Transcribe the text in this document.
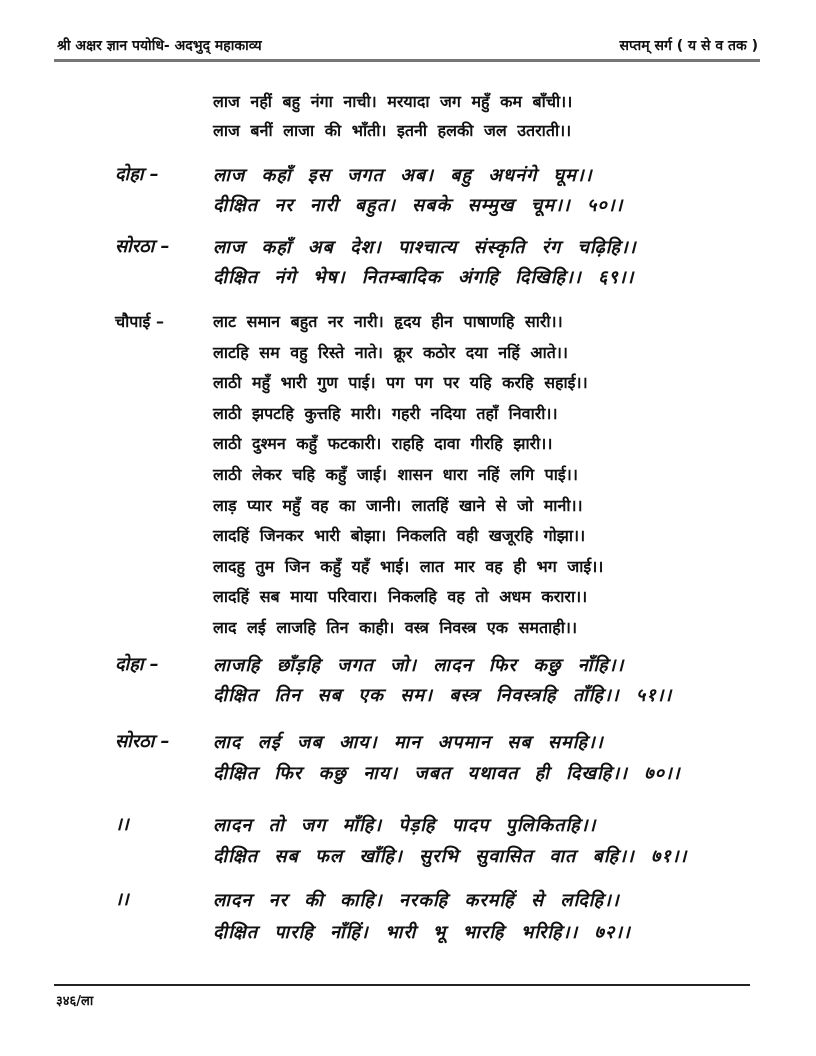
श्री अक्षर ज्ञान पयोधि- अदभुद् महाकाव्य	सप्तम् सर्ग ( य से व तक )
लाज नहीं बहु नंगा नाची। मरयादा जग महुँ कम बाँची।।
लाज बनीं लाजा की भाँती। इतनी हलकी जल उतराती।।
दोहा –	लाज कहाँ इस जगत अब। बहु अधनंगे घूम।।
दीक्षित नर नारी बहुत। सबके सम्मुख चूम।। ५०।।
सोरठा – लाज कहाँ अब देश। पाश्चात्य संस्कृति रंग चढ़िहि।।
दीक्षित नंगे भेष। नितम्बादिक अंगहि दिखिहि।। ६९।।
चौपाई –	लाट समान बहुत नर नारी। हृदय हीन पाषाणहि सारी।।
लाटहि सम वहु रिस्ते नाते। क्रूर कठोर दया नहिं आते।।
लाठी महुँ भारी गुण पाई। पग पग पर यहि करहि सहाई।।
लाठी झपटहि कुत्तहि मारी। गहरी नदिया तहाँ निवारी।।
लाठी दुश्मन कहुँ फटकारी। राहहि दावा गीरहि झारी।।
लाठी लेकर चहि कहुँ जाई। शासन धारा नहिं लगि पाई।।
लाड़ प्यार महुँ वह का जानी। लातहिं खाने से जो मानी।।
लादहिं जिनकर भारी बोझा। निकलति वही खजूरहि गोझा।।
लादहु तुम जिन कहुँ यहँ भाई। लात मार वह ही भग जाई।।
लादहिं सब माया परिवारा। निकलहि वह तो अधम करारा।।
लाद लई लाजहि तिन काही। वस्त्र निवस्त्र एक समताही।।
दोहा –	लाजहि छाँड़हि जगत जो। लादन फिर कछु नाँहि।।
दीक्षित तिन सब एक सम। बस्त्र निवस्त्रहि ताँहि।। ५१।।
सोरठा – लाद लई जब आय। मान अपमान सब समहि।।
दीक्षित फिर कछु नाय। जबत यथावत ही दिखहि।। ७०।।
।।	लादन तो जग माँहि। पेड़हि पादप पुलिकितहि।।
दीक्षित सब फल खाँहि। सुरभि सुवासित वात बहि।। ७१।।
।।	लादन नर की काहि। नरकहि करमहिं से लदिहि।।
दीक्षित पारहि नाँहिं। भारी भू भारहि भरिहि।। ७२।।
३४६/ला
